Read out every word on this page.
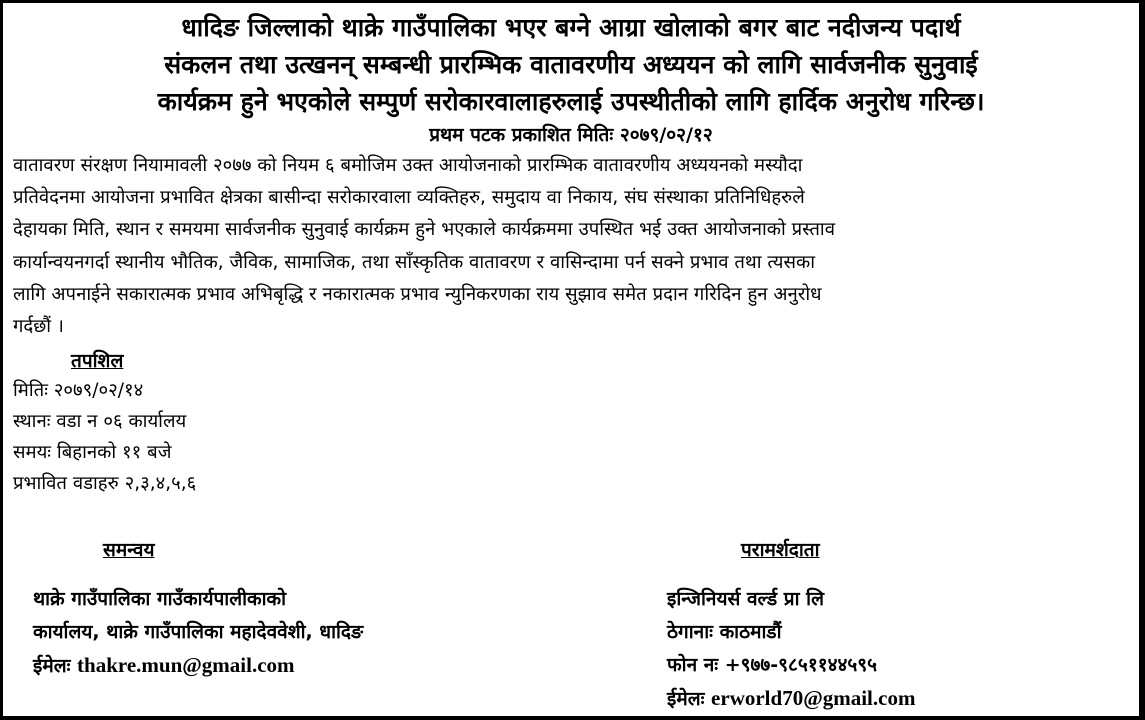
धादिङ जिल्लाको थाक्रे गाउँपालिका भएर बग्ने आग्रा खोलाको बगर बाट नदीजन्य पदार्थ
संकलन तथा उत्खनन् सम्बन्धी प्रारम्भिक वातावरणीय अध्ययन को लागि सार्वजनीक सुनुवाई
कार्यक्रम हुने भएकोले सम्पुर्ण सरोकारवालाहरुलाई उपस्थीतीको लागि हार्दिक अनुरोध गरिन्छ।
प्रथम पटक प्रकाशित मितिः २०७९/०२/१२
वातावरण संरक्षण नियामावली २०७७ को नियम ६ बमोजिम उक्त आयोजनाको प्रारम्भिक वातावरणीय अध्ययनको मस्यौदा
प्रतिवेदनमा आयोजना प्रभावित क्षेत्रका बासीन्दा सरोकारवाला व्यक्तिहरु, समुदाय वा निकाय, संघ संस्थाका प्रतिनिधिहरुले
देहायका मिति, स्थान र समयमा सार्वजनीक सुनुवाई कार्यक्रम हुने भएकाले कार्यक्रममा उपस्थित भई उक्त आयोजनाको प्रस्ताव
कार्यान्वयनगर्दा स्थानीय भौतिक, जैविक, सामाजिक, तथा साँस्कृतिक वातावरण र वासिन्दामा पर्न सक्ने प्रभाव तथा त्यसका
लागि अपनाईने सकारात्मक प्रभाव अभिबृद्धि र नकारात्मक प्रभाव न्युनिकरणका राय सुझाव समेत प्रदान गरिदिन हुन अनुरोध
गर्दछौं ।
तपशिल
मितिः २०७९/०२/१४
स्थानः वडा न ०६ कार्यालय
समयः बिहानको ११ बजे
प्रभावित वडाहरु २,३,४,५,६
समन्वय	परामर्शदाता
थाक्रे गाउँपालिका गाउँकार्यपालीकाको
कार्यालय, थाक्रे गाउँपालिका महादेववेशी, धादिङ
ईमेलः thakre.mun@gmail.com
इन्जिनियर्स वर्ल्ड प्रा लि
ठेगानाः काठमाडौं
फोन नः +९७७-९८५११४४५९५
ईमेलः erworld70@gmail.com
